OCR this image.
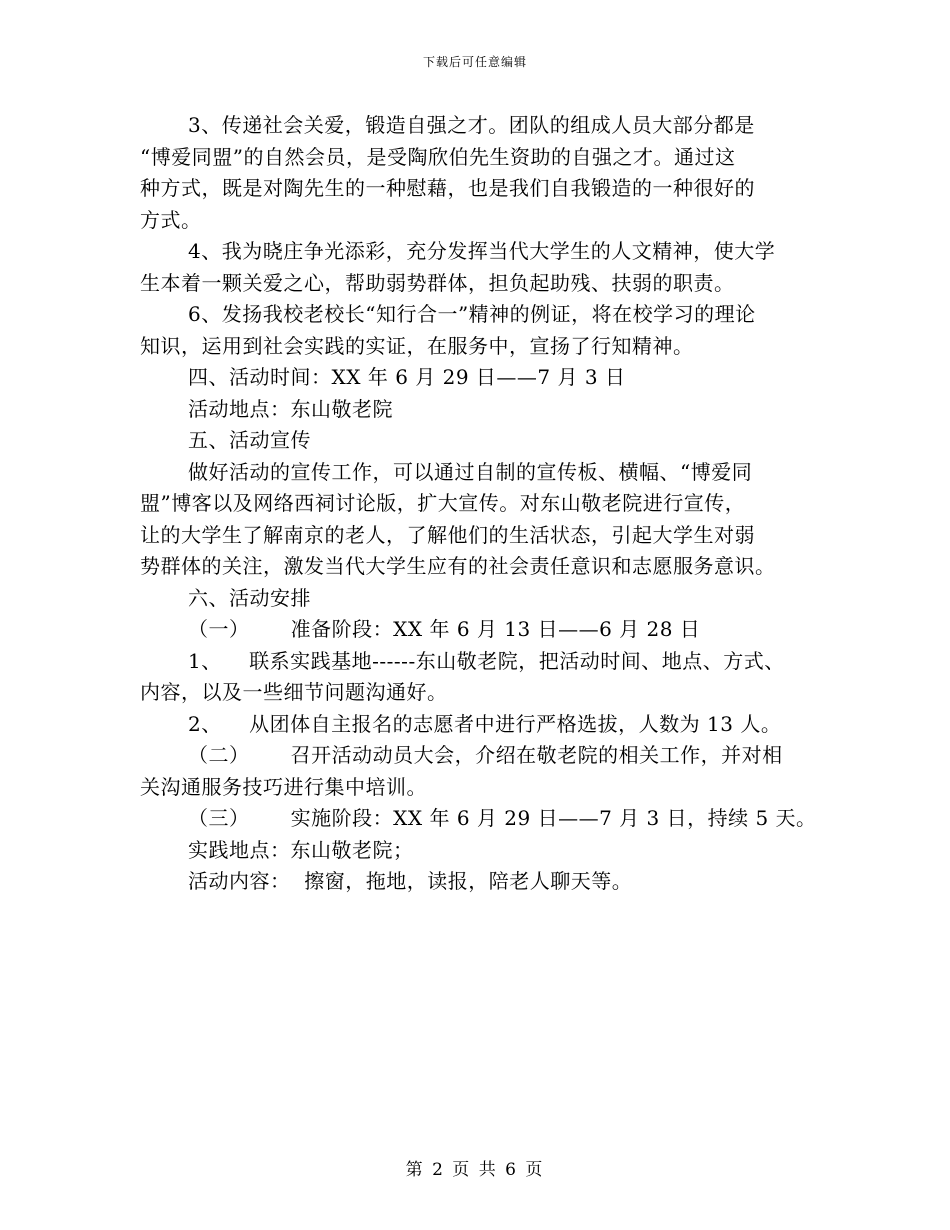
下载后可任意编辑
3、传递社会关爱，锻造自强之才。团队的组成人员大部分都是
“博爱同盟”的自然会员，是受陶欣伯先生资助的自强之才。通过这
种方式，既是对陶先生的一种慰藉，也是我们自我锻造的一种很好的
方式。
4、我为晓庄争光添彩，充分发挥当代大学生的人文精神，使大学
生本着一颗关爱之心，帮助弱势群体，担负起助残、扶弱的职责。
6、发扬我校老校长“知行合一”精神的例证，将在校学习的理论
知识，运用到社会实践的实证，在服务中，宣扬了行知精神。
四、活动时间：XX 年 6 月 29 日——7 月 3 日
活动地点：东山敬老院
五、活动宣传
做好活动的宣传工作，可以通过自制的宣传板、横幅、“博爱同
盟”博客以及网络西祠讨论版，扩大宣传。对东山敬老院进行宣传，
让的大学生了解南京的老人，了解他们的生活状态，引起大学生对弱
势群体的关注，激发当代大学生应有的社会责任意识和志愿服务意识。
六、活动安排
（一）      准备阶段：XX 年 6 月 13 日——6 月 28 日
1、    联系实践基地------东山敬老院，把活动时间、地点、方式、
内容，以及一些细节问题沟通好。
2、    从团体自主报名的志愿者中进行严格选拔，人数为 13 人。
（二）      召开活动动员大会，介绍在敬老院的相关工作，并对相
关沟通服务技巧进行集中培训。
（三）      实施阶段：XX 年 6 月 29 日——7 月 3 日，持续 5 天。
实践地点：东山敬老院；
活动内容：  擦窗，拖地，读报，陪老人聊天等。
第 2 页 共 6 页
